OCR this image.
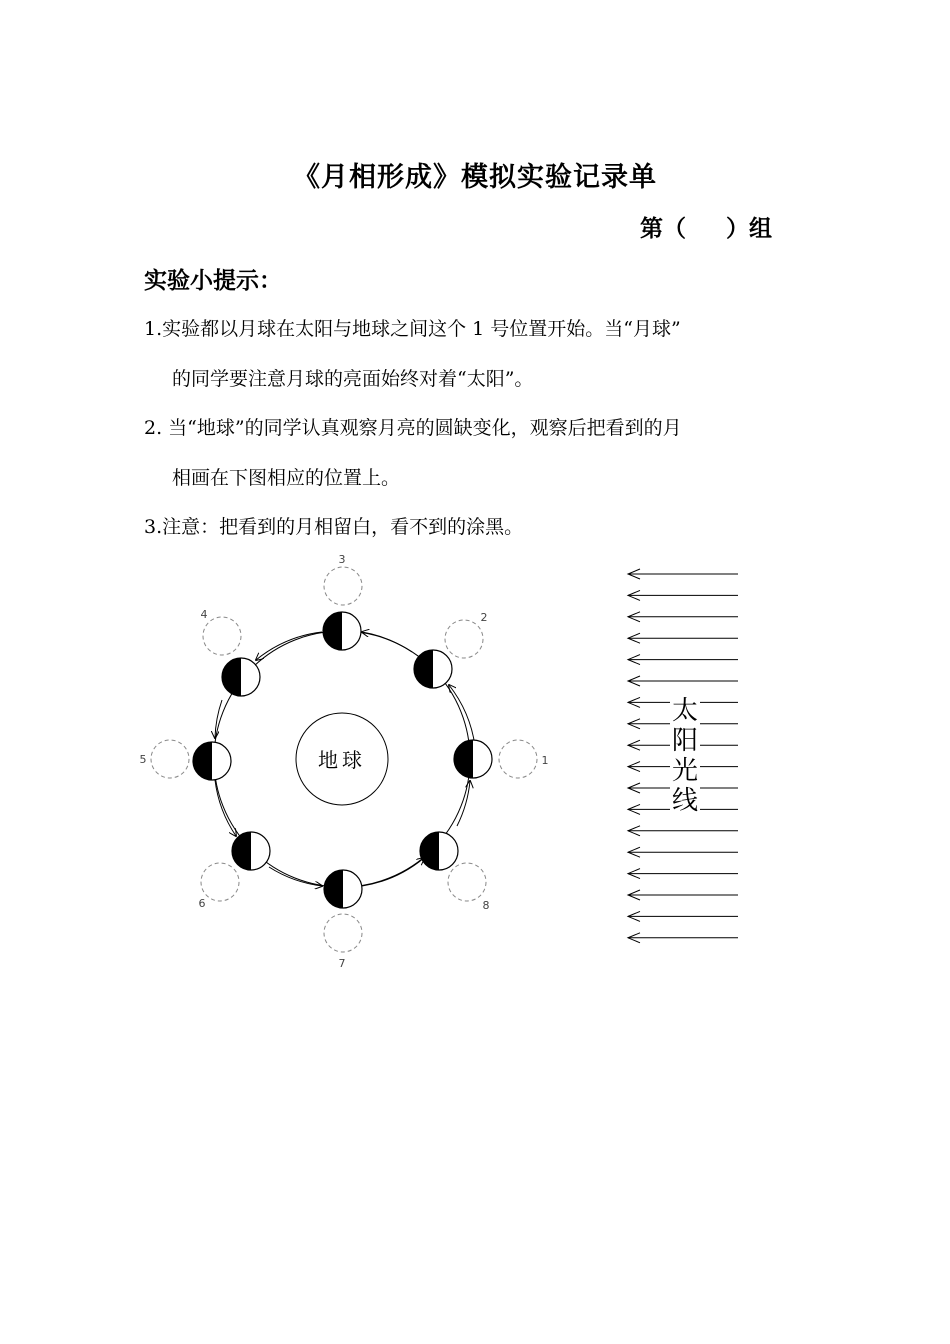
《月相形成》模拟实验记录单
第（     ）组
实验小提示：
1.实验都以月球在太阳与地球之间这个 1 号位置开始。当“月球”
的同学要注意月球的亮面始终对着“太阳”。
2. 当“地球”的同学认真观察月亮的圆缺变化，观察后把看到的月
相画在下图相应的位置上。
3.注意：把看到的月相留白，看不到的涂黑。
地球	1
2
3
4
5
6
7
8
太
阳
光
线
